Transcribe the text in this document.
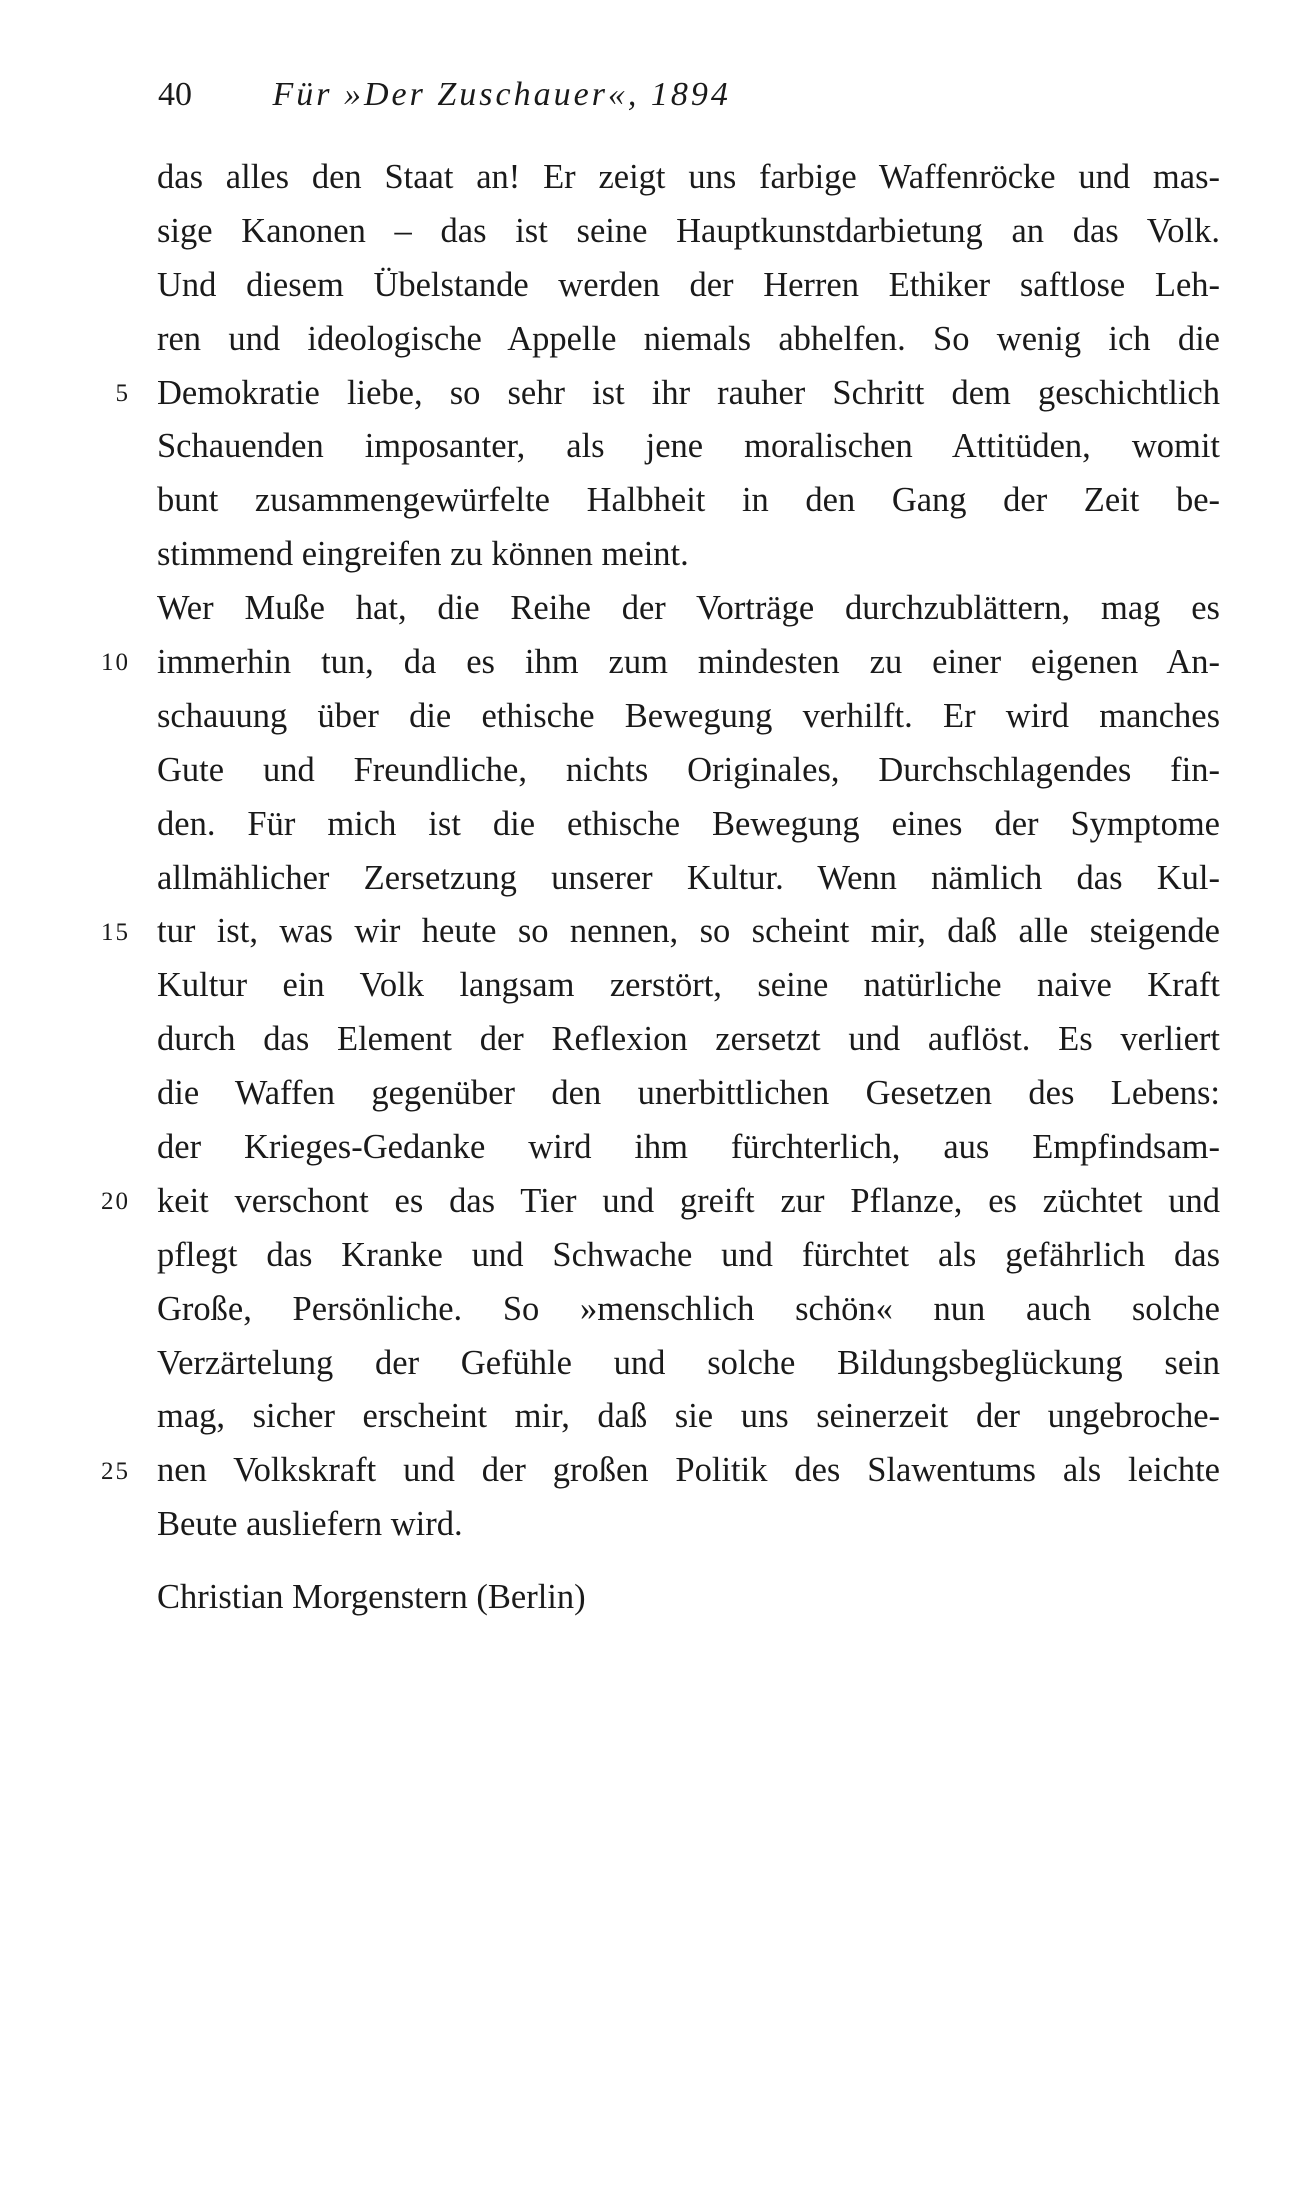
40 Für »Der Zuschauer«, 1894
5
10
15
20
25
das alles den Staat an! Er zeigt uns farbige Waffenröcke und mas-
sige Kanonen – das ist seine Hauptkunstdarbietung an das Volk.
Und diesem Übelstande werden der Herren Ethiker saftlose Leh-
ren und ideologische Appelle niemals abhelfen. So wenig ich die
Demokratie liebe, so sehr ist ihr rauher Schritt dem geschichtlich
Schauenden imposanter, als jene moralischen Attitüden, womit
bunt zusammengewürfelte Halbheit in den Gang der Zeit be-
stimmend eingreifen zu können meint.
Wer Muße hat, die Reihe der Vorträge durchzublättern, mag es
immerhin tun, da es ihm zum mindesten zu einer eigenen An-
schauung über die ethische Bewegung verhilft. Er wird manches
Gute und Freundliche, nichts Originales, Durchschlagendes fin-
den. Für mich ist die ethische Bewegung eines der Symptome
allmählicher Zersetzung unserer Kultur. Wenn nämlich das Kul-
tur ist, was wir heute so nennen, so scheint mir, daß alle steigende
Kultur ein Volk langsam zerstört, seine natürliche naive Kraft
durch das Element der Reflexion zersetzt und auflöst. Es verliert
die Waffen gegenüber den unerbittlichen Gesetzen des Lebens:
der Krieges-Gedanke wird ihm fürchterlich, aus Empfindsam-
keit verschont es das Tier und greift zur Pflanze, es züchtet und
pflegt das Kranke und Schwache und fürchtet als gefährlich das
Große, Persönliche. So »menschlich schön« nun auch solche
Verzärtelung der Gefühle und solche Bildungsbeglückung sein
mag, sicher erscheint mir, daß sie uns seinerzeit der ungebroche-
nen Volkskraft und der großen Politik des Slawentums als leichte
Beute ausliefern wird.
Christian Morgenstern (Berlin)
